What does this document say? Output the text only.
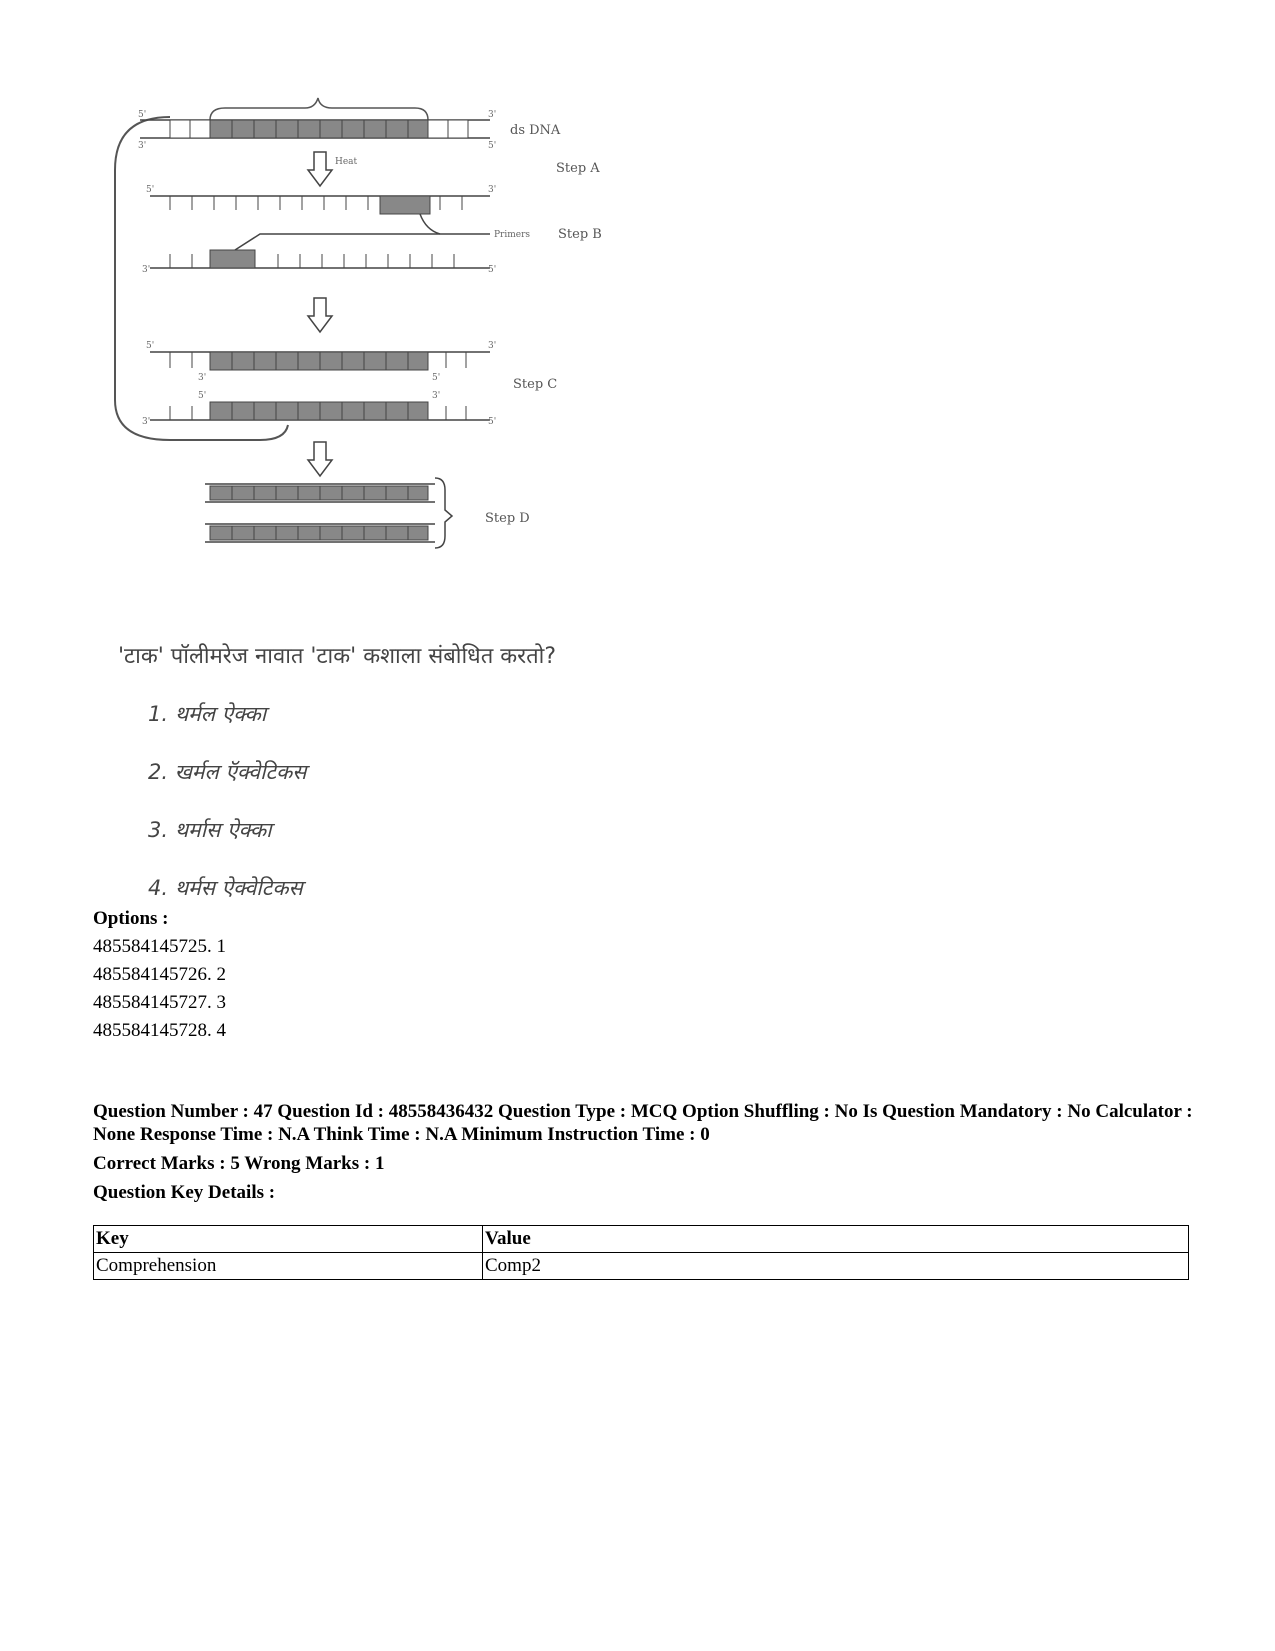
5'
3'
3'
5'
ds DNA
Heat	Step A
5'	3'
3'	5'
Primers Step B
5'	3'
3'	5'
5'	3'
3'	5'
Step C
Step D
'टाक' पॉलीमरेज नावात 'टाक' कशाला संबोधित करतो?
1. थर्मल ऐक्का
2. खर्मल ऍक्वेटिकस
3. थर्मास ऐक्का
4. थर्मस ऐक्वेटिकस
Options :
485584145725. 1
485584145726. 2
485584145727. 3
485584145728. 4
Question Number : 47 Question Id : 48558436432 Question Type : MCQ Option Shuffling : No Is Question Mandatory : No Calculator : None Response Time : N.A Think Time : N.A Minimum Instruction Time : 0
Correct Marks : 5 Wrong Marks : 1
Question Key Details :
Key	Value
Comprehension	Comp2
